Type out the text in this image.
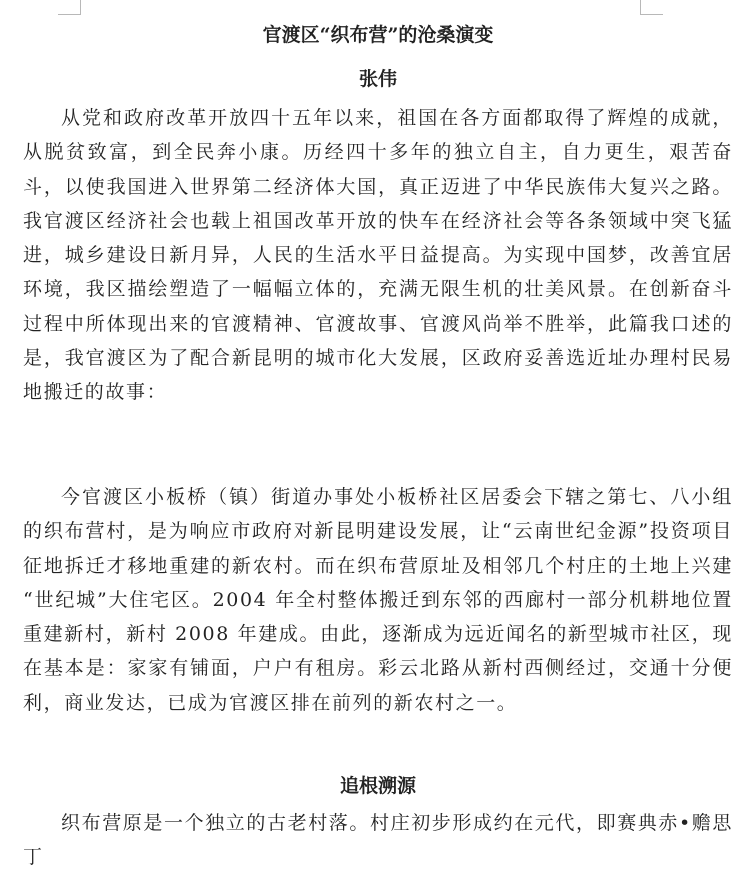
官渡区“织布营”的沧桑演变
张伟

从党和政府改革开放四十五年以来，祖国在各方面都取得了辉煌的成就，从脱贫致富，到全民奔小康。历经四十多年的独立自主，自力更生，艰苦奋斗，以使我国进入世界第二经济体大国，真正迈进了中华民族伟大复兴之路。我官渡区经济社会也载上祖国改革开放的快车在经济社会等各条领域中突飞猛进，城乡建设日新月异，人民的生活水平日益提高。为实现中国梦，改善宜居环境，我区描绘塑造了一幅幅立体的，充满无限生机的壮美风景。在创新奋斗过程中所体现出来的官渡精神、官渡故事、官渡风尚举不胜举，此篇我口述的是，我官渡区为了配合新昆明的城市化大发展，区政府妥善选近址办理村民易地搬迁的故事：

今官渡区小板桥（镇）街道办事处小板桥社区居委会下辖之第七、八小组的织布营村，是为响应市政府对新昆明建设发展，让“云南世纪金源”投资项目征地拆迁才移地重建的新农村。而在织布营原址及相邻几个村庄的土地上兴建 “世纪城”大住宅区。2004 年全村整体搬迁到东邻的西廊村一部分机耕地位置重建新村，新村 2008 年建成。由此，逐渐成为远近闻名的新型城市社区，现在基本是：家家有铺面，户户有租房。彩云北路从新村西侧经过，交通十分便利，商业发达，已成为官渡区排在前列的新农村之一。

追根溯源

织布营原是一个独立的古老村落。村庄初步形成约在元代，即赛典赤•赡思丁
